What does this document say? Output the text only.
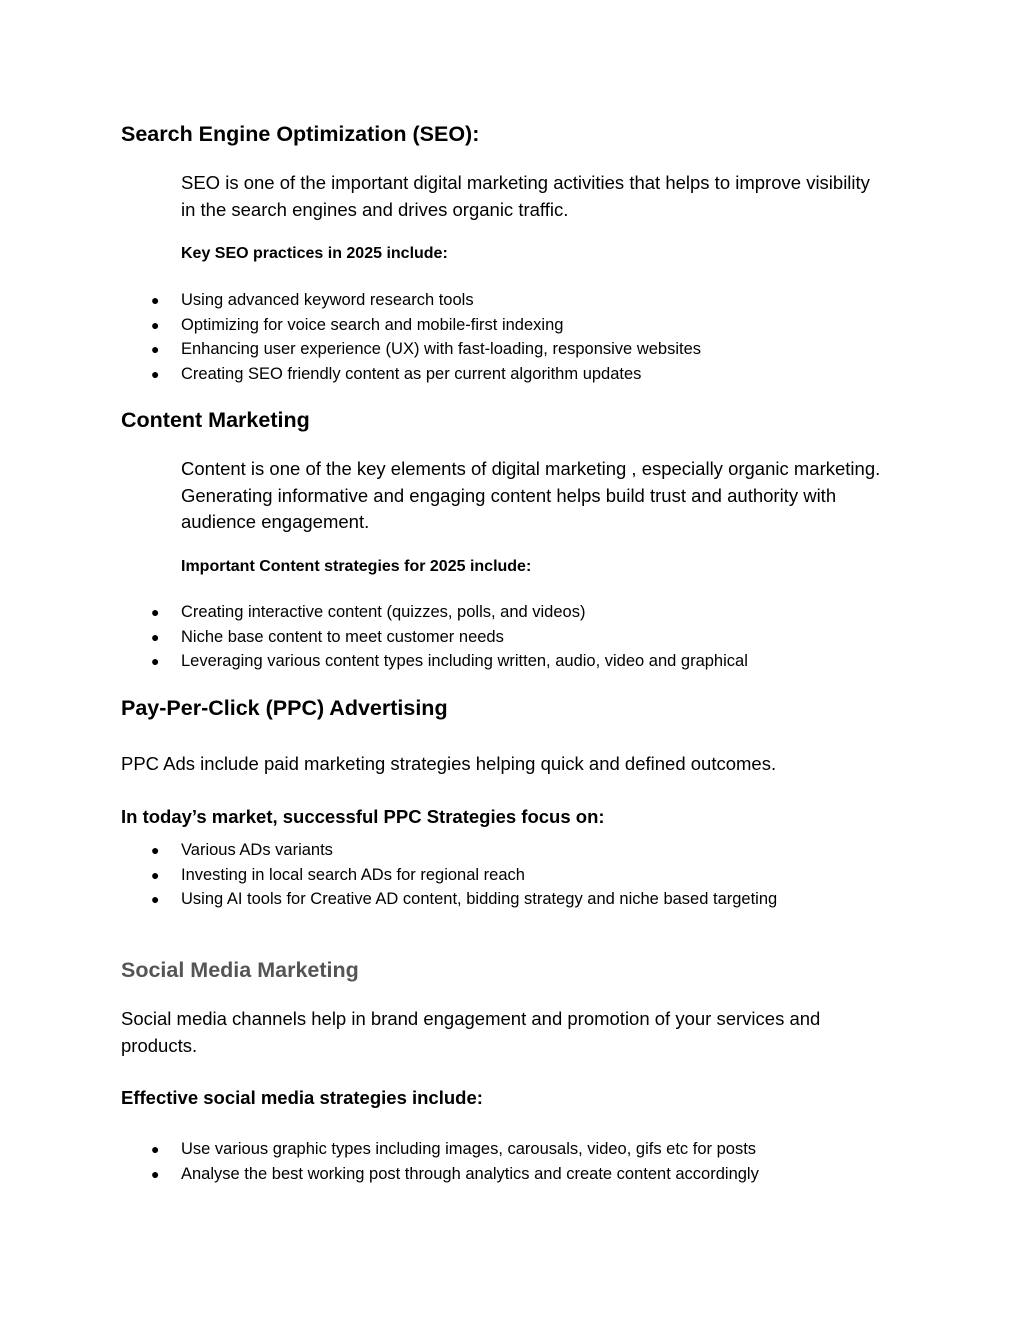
Search Engine Optimization (SEO):

SEO is one of the important digital marketing activities that helps to improve visibility in the search engines and drives organic traffic.

Key SEO practices in 2025 include:
● Using advanced keyword research tools
● Optimizing for voice search and mobile-first indexing
● Enhancing user experience (UX) with fast-loading, responsive websites
● Creating SEO friendly content as per current algorithm updates
Content Marketing

Content is one of the key elements of digital marketing , especially organic marketing. Generating informative and engaging content helps build trust and authority with audience engagement.

Important Content strategies for 2025 include:
● Creating interactive content (quizzes, polls, and videos)
● Niche base content to meet customer needs
● Leveraging various content types including written, audio, video and graphical
Pay-Per-Click (PPC) Advertising

PPC Ads include paid marketing strategies helping quick and defined outcomes.

In today’s market, successful PPC Strategies focus on:
● Various ADs variants
● Investing in local search ADs for regional reach
● Using AI tools for Creative AD content, bidding strategy and niche based targeting
Social Media Marketing

Social media channels help in brand engagement and promotion of your services and products.

Effective social media strategies include:
● Use various graphic types including images, carousals, video, gifs etc for posts
● Analyse the best working post through analytics and create content accordingly
